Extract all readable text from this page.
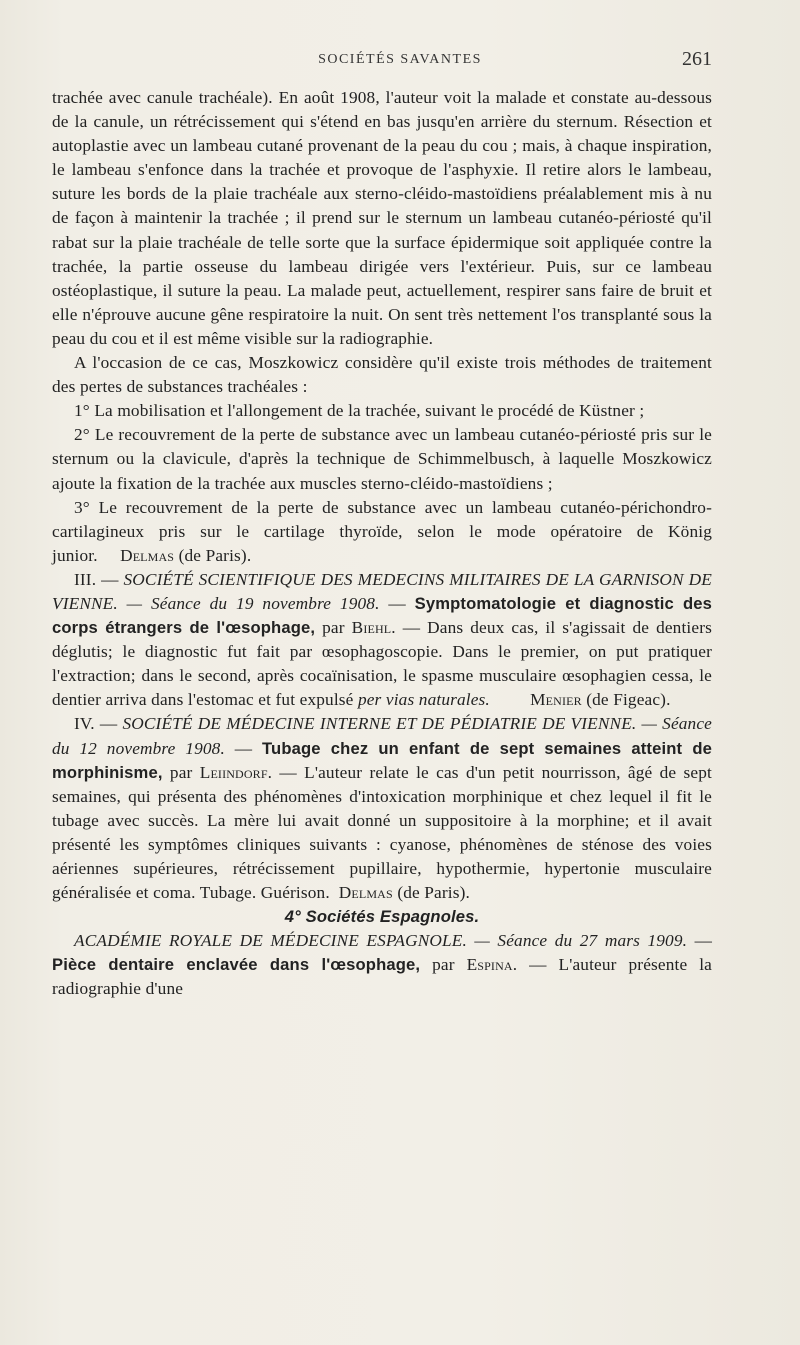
SOCIÉTÉS SAVANTES	261

trachée avec canule trachéale). En août 1908, l'auteur voit la malade et constate au-dessous de la canule, un rétrécissement qui s'étend en bas jusqu'en arrière du sternum. Résection et autoplastie avec un lambeau cutané provenant de la peau du cou ; mais, à chaque inspiration, le lambeau s'enfonce dans la trachée et provoque de l'asphyxie. Il retire alors le lambeau, suture les bords de la plaie trachéale aux sterno-cléido-mastoïdiens préalablement mis à nu de façon à maintenir la trachée ; il prend sur le sternum un lambeau cutanéo-périosté qu'il rabat sur la plaie trachéale de telle sorte que la surface épidermique soit appliquée contre la trachée, la partie osseuse du lambeau dirigée vers l'extérieur. Puis, sur ce lambeau ostéoplastique, il suture la peau. La malade peut, actuellement, respirer sans faire de bruit et elle n'éprouve aucune gêne respiratoire la nuit. On sent très nettement l'os transplanté sous la peau du cou et il est même visible sur la radiographie.

A l'occasion de ce cas, Moszkowicz considère qu'il existe trois méthodes de traitement des pertes de substances trachéales :

1° La mobilisation et l'allongement de la trachée, suivant le procédé de Küstner ;

2° Le recouvrement de la perte de substance avec un lambeau cutanéo-périosté pris sur le sternum ou la clavicule, d'après la technique de Schimmelbusch, à laquelle Moszkowicz ajoute la fixation de la trachée aux muscles sterno-cléido-mastoïdiens ;

3° Le recouvrement de la perte de substance avec un lambeau cutanéo-périchondro-cartilagineux pris sur le cartilage thyroïde, selon le mode opératoire de König junior. Delmas (de Paris).

III. — SOCIÉTÉ SCIENTIFIQUE DES MEDECINS MILITAIRES DE LA GARNISON DE VIENNE. — Séance du 19 novembre 1908. — Symptomatologie et diagnostic des corps étrangers de l'œsophage, par Biehl. — Dans deux cas, il s'agissait de dentiers déglutis; le diagnostic fut fait par œsophagoscopie. Dans le premier, on put pratiquer l'extraction; dans le second, après cocaïnisation, le spasme musculaire œsophagien cessa, le dentier arriva dans l'estomac et fut expulsé per vias naturales. Menier (de Figeac).

IV. — SOCIÉTÉ DE MÉDECINE INTERNE ET DE PÉDIATRIE DE VIENNE. — Séance du 12 novembre 1908. — Tubage chez un enfant de sept semaines atteint de morphinisme, par Leiindorf. — L'auteur relate le cas d'un petit nourrisson, âgé de sept semaines, qui présenta des phénomènes d'intoxication morphinique et chez lequel il fit le tubage avec succès. La mère lui avait donné un suppositoire à la morphine; et il avait présenté les symptômes cliniques suivants : cyanose, phénomènes de sténose des voies aériennes supérieures, rétrécissement pupillaire, hypothermie, hypertonie musculaire généralisée et coma. Tubage. Guérison. Delmas (de Paris).

4° Sociétés Espagnoles.

ACADÉMIE ROYALE DE MÉDECINE ESPAGNOLE. — Séance du 27 mars 1909. — Pièce dentaire enclavée dans l'œsophage, par Espina. — L'auteur présente la radiographie d'une
